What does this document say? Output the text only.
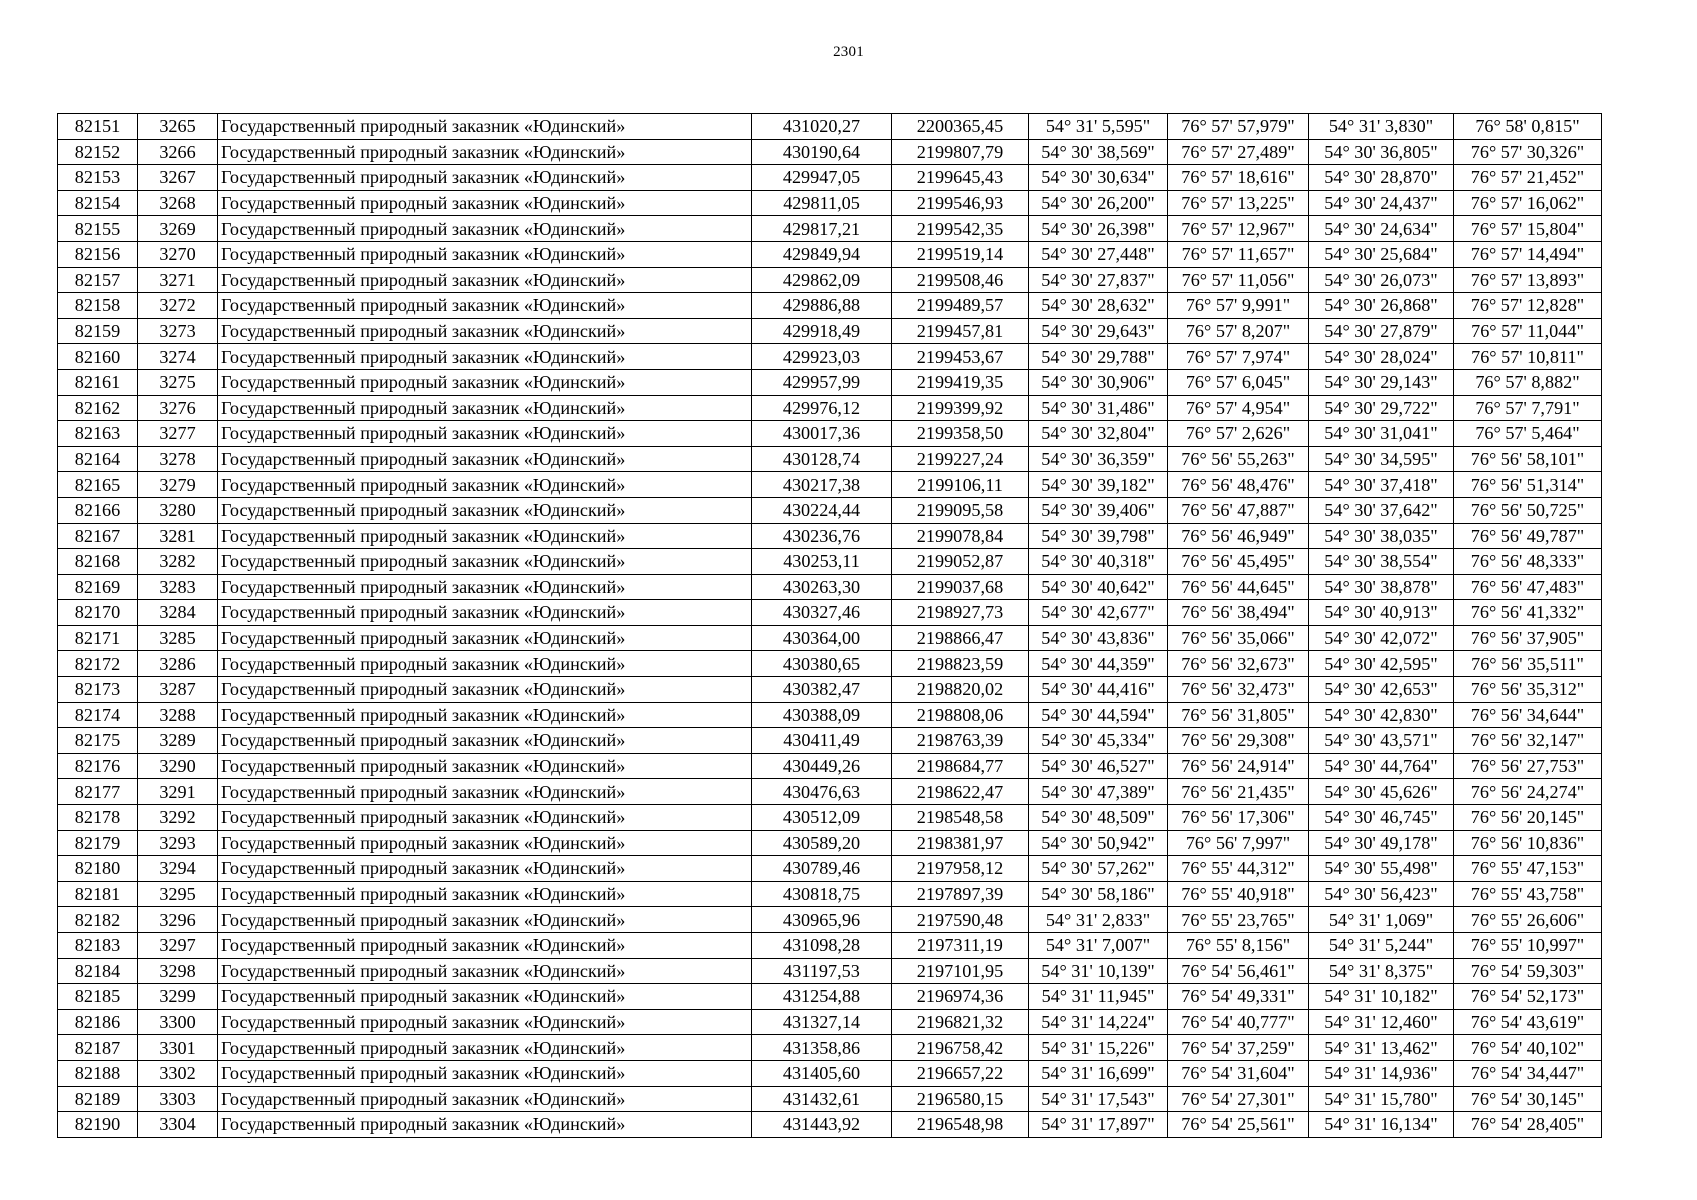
2301
82151	3265	Государственный природный заказник «Юдинский»	431020,27	2200365,45	54° 31' 5,595"	76° 57' 57,979"	54° 31' 3,830"	76° 58' 0,815"
82152	3266	Государственный природный заказник «Юдинский»	430190,64	2199807,79	54° 30' 38,569"	76° 57' 27,489"	54° 30' 36,805"	76° 57' 30,326"
82153	3267	Государственный природный заказник «Юдинский»	429947,05	2199645,43	54° 30' 30,634"	76° 57' 18,616"	54° 30' 28,870"	76° 57' 21,452"
82154	3268	Государственный природный заказник «Юдинский»	429811,05	2199546,93	54° 30' 26,200"	76° 57' 13,225"	54° 30' 24,437"	76° 57' 16,062"
82155	3269	Государственный природный заказник «Юдинский»	429817,21	2199542,35	54° 30' 26,398"	76° 57' 12,967"	54° 30' 24,634"	76° 57' 15,804"
82156	3270	Государственный природный заказник «Юдинский»	429849,94	2199519,14	54° 30' 27,448"	76° 57' 11,657"	54° 30' 25,684"	76° 57' 14,494"
82157	3271	Государственный природный заказник «Юдинский»	429862,09	2199508,46	54° 30' 27,837"	76° 57' 11,056"	54° 30' 26,073"	76° 57' 13,893"
82158	3272	Государственный природный заказник «Юдинский»	429886,88	2199489,57	54° 30' 28,632"	76° 57' 9,991"	54° 30' 26,868"	76° 57' 12,828"
82159	3273	Государственный природный заказник «Юдинский»	429918,49	2199457,81	54° 30' 29,643"	76° 57' 8,207"	54° 30' 27,879"	76° 57' 11,044"
82160	3274	Государственный природный заказник «Юдинский»	429923,03	2199453,67	54° 30' 29,788"	76° 57' 7,974"	54° 30' 28,024"	76° 57' 10,811"
82161	3275	Государственный природный заказник «Юдинский»	429957,99	2199419,35	54° 30' 30,906"	76° 57' 6,045"	54° 30' 29,143"	76° 57' 8,882"
82162	3276	Государственный природный заказник «Юдинский»	429976,12	2199399,92	54° 30' 31,486"	76° 57' 4,954"	54° 30' 29,722"	76° 57' 7,791"
82163	3277	Государственный природный заказник «Юдинский»	430017,36	2199358,50	54° 30' 32,804"	76° 57' 2,626"	54° 30' 31,041"	76° 57' 5,464"
82164	3278	Государственный природный заказник «Юдинский»	430128,74	2199227,24	54° 30' 36,359"	76° 56' 55,263"	54° 30' 34,595"	76° 56' 58,101"
82165	3279	Государственный природный заказник «Юдинский»	430217,38	2199106,11	54° 30' 39,182"	76° 56' 48,476"	54° 30' 37,418"	76° 56' 51,314"
82166	3280	Государственный природный заказник «Юдинский»	430224,44	2199095,58	54° 30' 39,406"	76° 56' 47,887"	54° 30' 37,642"	76° 56' 50,725"
82167	3281	Государственный природный заказник «Юдинский»	430236,76	2199078,84	54° 30' 39,798"	76° 56' 46,949"	54° 30' 38,035"	76° 56' 49,787"
82168	3282	Государственный природный заказник «Юдинский»	430253,11	2199052,87	54° 30' 40,318"	76° 56' 45,495"	54° 30' 38,554"	76° 56' 48,333"
82169	3283	Государственный природный заказник «Юдинский»	430263,30	2199037,68	54° 30' 40,642"	76° 56' 44,645"	54° 30' 38,878"	76° 56' 47,483"
82170	3284	Государственный природный заказник «Юдинский»	430327,46	2198927,73	54° 30' 42,677"	76° 56' 38,494"	54° 30' 40,913"	76° 56' 41,332"
82171	3285	Государственный природный заказник «Юдинский»	430364,00	2198866,47	54° 30' 43,836"	76° 56' 35,066"	54° 30' 42,072"	76° 56' 37,905"
82172	3286	Государственный природный заказник «Юдинский»	430380,65	2198823,59	54° 30' 44,359"	76° 56' 32,673"	54° 30' 42,595"	76° 56' 35,511"
82173	3287	Государственный природный заказник «Юдинский»	430382,47	2198820,02	54° 30' 44,416"	76° 56' 32,473"	54° 30' 42,653"	76° 56' 35,312"
82174	3288	Государственный природный заказник «Юдинский»	430388,09	2198808,06	54° 30' 44,594"	76° 56' 31,805"	54° 30' 42,830"	76° 56' 34,644"
82175	3289	Государственный природный заказник «Юдинский»	430411,49	2198763,39	54° 30' 45,334"	76° 56' 29,308"	54° 30' 43,571"	76° 56' 32,147"
82176	3290	Государственный природный заказник «Юдинский»	430449,26	2198684,77	54° 30' 46,527"	76° 56' 24,914"	54° 30' 44,764"	76° 56' 27,753"
82177	3291	Государственный природный заказник «Юдинский»	430476,63	2198622,47	54° 30' 47,389"	76° 56' 21,435"	54° 30' 45,626"	76° 56' 24,274"
82178	3292	Государственный природный заказник «Юдинский»	430512,09	2198548,58	54° 30' 48,509"	76° 56' 17,306"	54° 30' 46,745"	76° 56' 20,145"
82179	3293	Государственный природный заказник «Юдинский»	430589,20	2198381,97	54° 30' 50,942"	76° 56' 7,997"	54° 30' 49,178"	76° 56' 10,836"
82180	3294	Государственный природный заказник «Юдинский»	430789,46	2197958,12	54° 30' 57,262"	76° 55' 44,312"	54° 30' 55,498"	76° 55' 47,153"
82181	3295	Государственный природный заказник «Юдинский»	430818,75	2197897,39	54° 30' 58,186"	76° 55' 40,918"	54° 30' 56,423"	76° 55' 43,758"
82182	3296	Государственный природный заказник «Юдинский»	430965,96	2197590,48	54° 31' 2,833"	76° 55' 23,765"	54° 31' 1,069"	76° 55' 26,606"
82183	3297	Государственный природный заказник «Юдинский»	431098,28	2197311,19	54° 31' 7,007"	76° 55' 8,156"	54° 31' 5,244"	76° 55' 10,997"
82184	3298	Государственный природный заказник «Юдинский»	431197,53	2197101,95	54° 31' 10,139"	76° 54' 56,461"	54° 31' 8,375"	76° 54' 59,303"
82185	3299	Государственный природный заказник «Юдинский»	431254,88	2196974,36	54° 31' 11,945"	76° 54' 49,331"	54° 31' 10,182"	76° 54' 52,173"
82186	3300	Государственный природный заказник «Юдинский»	431327,14	2196821,32	54° 31' 14,224"	76° 54' 40,777"	54° 31' 12,460"	76° 54' 43,619"
82187	3301	Государственный природный заказник «Юдинский»	431358,86	2196758,42	54° 31' 15,226"	76° 54' 37,259"	54° 31' 13,462"	76° 54' 40,102"
82188	3302	Государственный природный заказник «Юдинский»	431405,60	2196657,22	54° 31' 16,699"	76° 54' 31,604"	54° 31' 14,936"	76° 54' 34,447"
82189	3303	Государственный природный заказник «Юдинский»	431432,61	2196580,15	54° 31' 17,543"	76° 54' 27,301"	54° 31' 15,780"	76° 54' 30,145"
82190	3304	Государственный природный заказник «Юдинский»	431443,92	2196548,98	54° 31' 17,897"	76° 54' 25,561"	54° 31' 16,134"	76° 54' 28,405"
